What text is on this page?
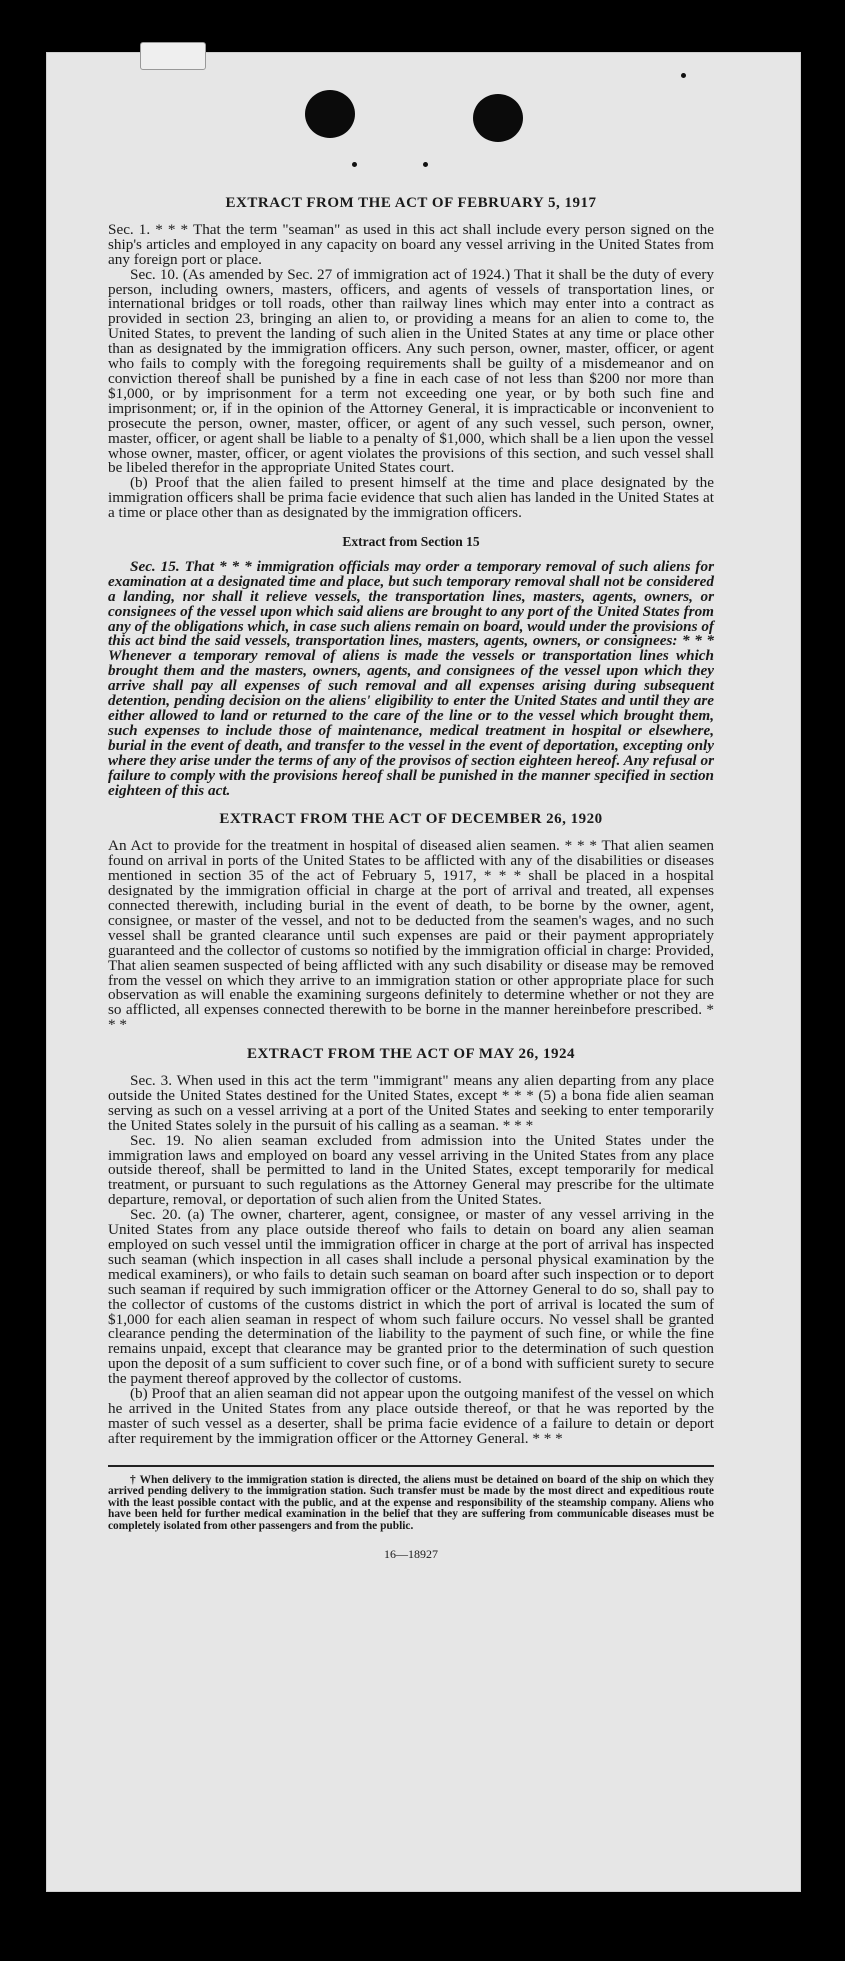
EXTRACT FROM THE ACT OF FEBRUARY 5, 1917

Sec. 1. * * * That the term "seaman" as used in this act shall include every person signed on the ship's articles and employed in any capacity on board any vessel arriving in the United States from any foreign port or place.

Sec. 10. (As amended by Sec. 27 of immigration act of 1924.) That it shall be the duty of every person, including owners, masters, officers, and agents of vessels of transportation lines, or international bridges or toll roads, other than railway lines which may enter into a contract as provided in section 23, bringing an alien to, or providing a means for an alien to come to, the United States, to prevent the landing of such alien in the United States at any time or place other than as designated by the immigration officers. Any such person, owner, master, officer, or agent who fails to comply with the foregoing requirements shall be guilty of a misdemeanor and on conviction thereof shall be punished by a fine in each case of not less than $200 nor more than $1,000, or by imprisonment for a term not exceeding one year, or by both such fine and imprisonment; or, if in the opinion of the Attorney General, it is impracticable or inconvenient to prosecute the person, owner, master, officer, or agent of any such vessel, such person, owner, master, officer, or agent shall be liable to a penalty of $1,000, which shall be a lien upon the vessel whose owner, master, officer, or agent violates the provisions of this section, and such vessel shall be libeled therefor in the appropriate United States court.

(b) Proof that the alien failed to present himself at the time and place designated by the immigration officers shall be prima facie evidence that such alien has landed in the United States at a time or place other than as designated by the immigration officers.

Extract from Section 15

Sec. 15. That * * * immigration officials may order a temporary removal of such aliens for examination at a designated time and place, but such temporary removal shall not be considered a landing, nor shall it relieve vessels, the transportation lines, masters, agents, owners, or consignees of the vessel upon which said aliens are brought to any port of the United States from any of the obligations which, in case such aliens remain on board, would under the provisions of this act bind the said vessels, transportation lines, masters, agents, owners, or consignees: * * * Whenever a temporary removal of aliens is made the vessels or transportation lines which brought them and the masters, owners, agents, and consignees of the vessel upon which they arrive shall pay all expenses of such removal and all expenses arising during subsequent detention, pending decision on the aliens' eligibility to enter the United States and until they are either allowed to land or returned to the care of the line or to the vessel which brought them, such expenses to include those of maintenance, medical treatment in hospital or elsewhere, burial in the event of death, and transfer to the vessel in the event of deportation, excepting only where they arise under the terms of any of the provisos of section eighteen hereof. Any refusal or failure to comply with the provisions hereof shall be punished in the manner specified in section eighteen of this act.

EXTRACT FROM THE ACT OF DECEMBER 26, 1920

An Act to provide for the treatment in hospital of diseased alien seamen. * * * That alien seamen found on arrival in ports of the United States to be afflicted with any of the disabilities or diseases mentioned in section 35 of the act of February 5, 1917, * * * shall be placed in a hospital designated by the immigration official in charge at the port of arrival and treated, all expenses connected therewith, including burial in the event of death, to be borne by the owner, agent, consignee, or master of the vessel, and not to be deducted from the seamen's wages, and no such vessel shall be granted clearance until such expenses are paid or their payment appropriately guaranteed and the collector of customs so notified by the immigration official in charge: Provided, That alien seamen suspected of being afflicted with any such disability or disease may be removed from the vessel on which they arrive to an immigration station or other appropriate place for such observation as will enable the examining surgeons definitely to determine whether or not they are so afflicted, all expenses connected therewith to be borne in the manner hereinbefore prescribed. * * *

EXTRACT FROM THE ACT OF MAY 26, 1924

Sec. 3. When used in this act the term "immigrant" means any alien departing from any place outside the United States destined for the United States, except * * * (5) a bona fide alien seaman serving as such on a vessel arriving at a port of the United States and seeking to enter temporarily the United States solely in the pursuit of his calling as a seaman. * * *

Sec. 19. No alien seaman excluded from admission into the United States under the immigration laws and employed on board any vessel arriving in the United States from any place outside thereof, shall be permitted to land in the United States, except temporarily for medical treatment, or pursuant to such regulations as the Attorney General may prescribe for the ultimate departure, removal, or deportation of such alien from the United States.

Sec. 20. (a) The owner, charterer, agent, consignee, or master of any vessel arriving in the United States from any place outside thereof who fails to detain on board any alien seaman employed on such vessel until the immigration officer in charge at the port of arrival has inspected such seaman (which inspection in all cases shall include a personal physical examination by the medical examiners), or who fails to detain such seaman on board after such inspection or to deport such seaman if required by such immigration officer or the Attorney General to do so, shall pay to the collector of customs of the customs district in which the port of arrival is located the sum of $1,000 for each alien seaman in respect of whom such failure occurs. No vessel shall be granted clearance pending the determination of the liability to the payment of such fine, or while the fine remains unpaid, except that clearance may be granted prior to the determination of such question upon the deposit of a sum sufficient to cover such fine, or of a bond with sufficient surety to secure the payment thereof approved by the collector of customs.

(b) Proof that an alien seaman did not appear upon the outgoing manifest of the vessel on which he arrived in the United States from any place outside thereof, or that he was reported by the master of such vessel as a deserter, shall be prima facie evidence of a failure to detain or deport after requirement by the immigration officer or the Attorney General. * * *

† When delivery to the immigration station is directed, the aliens must be detained on board of the ship on which they arrived pending delivery to the immigration station. Such transfer must be made by the most direct and expeditious route with the least possible contact with the public, and at the expense and responsibility of the steamship company. Aliens who have been held for further medical examination in the belief that they are suffering from communicable diseases must be completely isolated from other passengers and from the public.

16—18927
